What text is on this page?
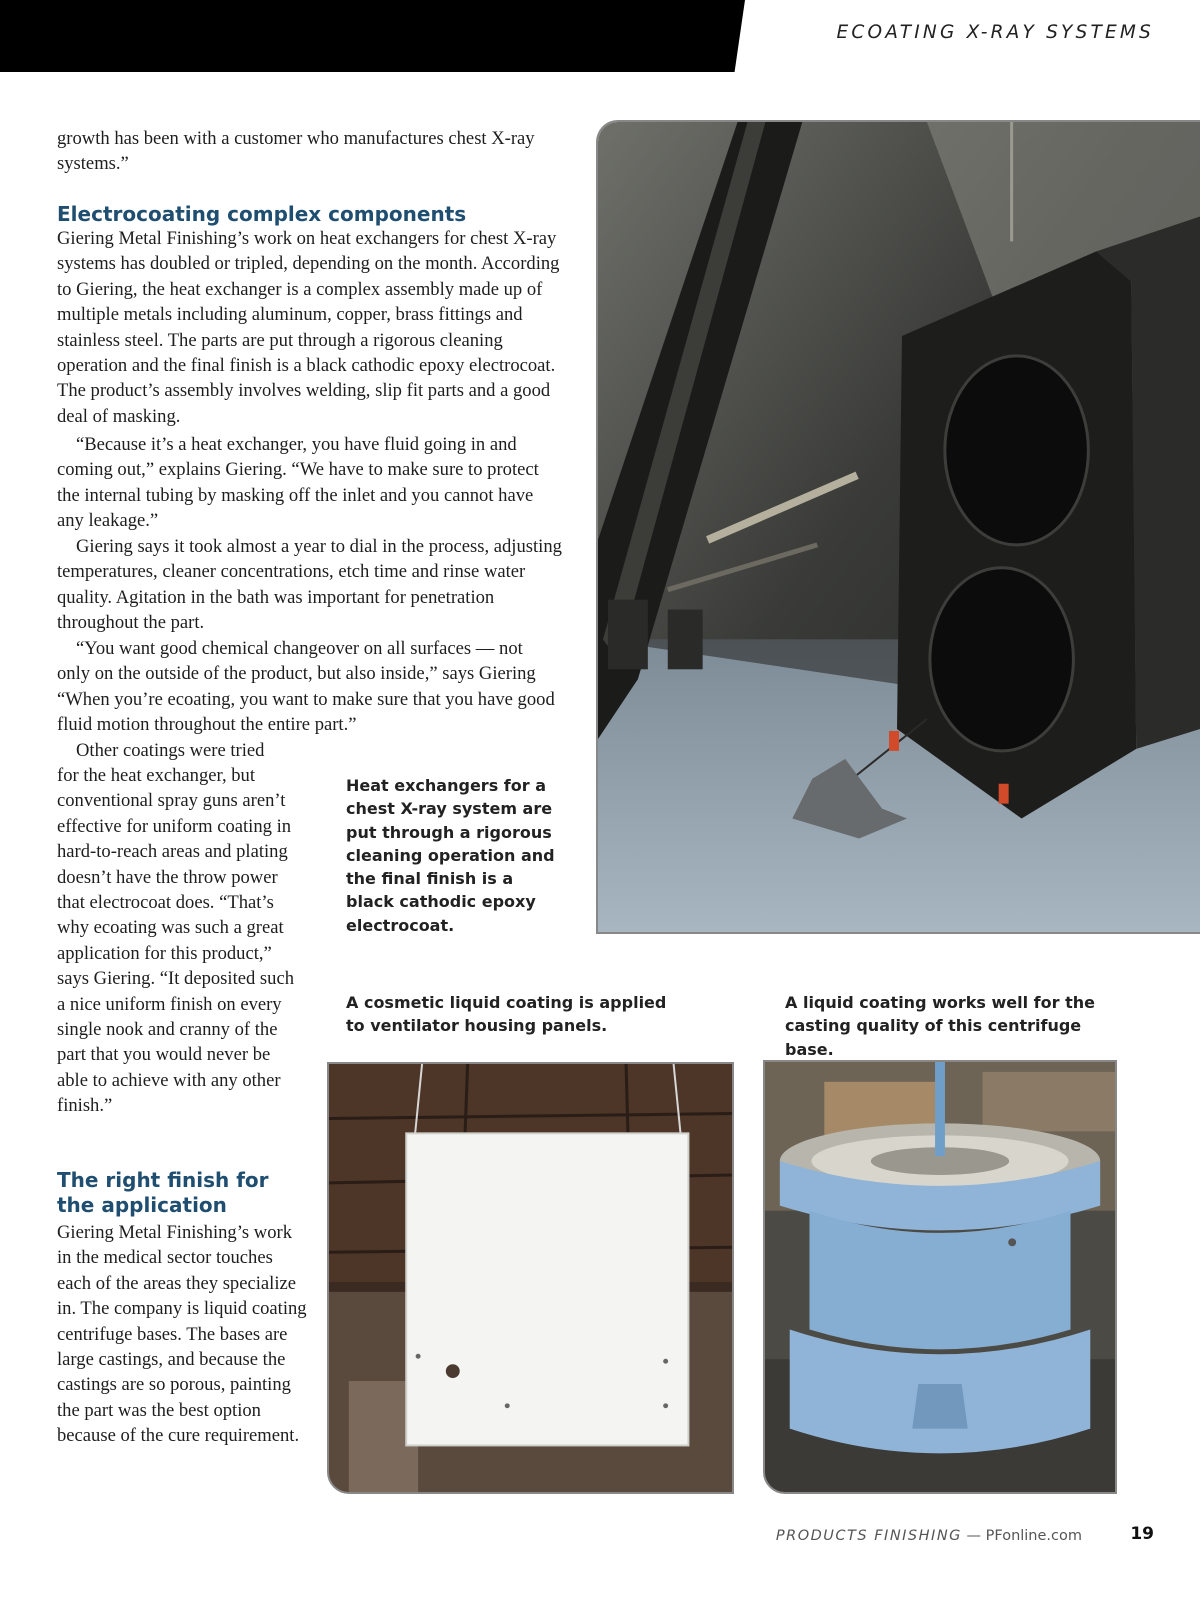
ECOATING X-RAY SYSTEMS

growth has been with a customer who manufactures chest X-ray systems.”

Electrocoating complex components

Giering Metal Finishing’s work on heat exchangers for chest X-ray systems has doubled or tripled, depending on the month. According to Giering, the heat exchanger is a complex assembly made up of multiple metals including aluminum, copper, brass fittings and stainless steel. The parts are put through a rigorous cleaning operation and the final finish is a black cathodic epoxy electrocoat. The product’s assembly involves welding, slip fit parts and a good deal of masking.

“Because it’s a heat exchanger, you have fluid going in and coming out,” explains Giering. “We have to make sure to protect the internal tubing by masking off the inlet and you cannot have any leakage.”

Giering says it took almost a year to dial in the process, adjusting temperatures, cleaner concentrations, etch time and rinse water quality. Agitation in the bath was important for penetration throughout the part.

“You want good chemical changeover on all surfaces — not only on the outside of the product, but also inside,” says Giering “When you’re ecoating, you want to make sure that you have good fluid motion throughout the entire part.”

Other coatings were tried

for the heat exchanger, but conventional spray guns aren’t effective for uniform coating in hard-to-reach areas and plating doesn’t have the throw power that electrocoat does. “That’s why ecoating was such a great application for this product,” says Giering. “It deposited such a nice uniform finish on every single nook and cranny of the part that you would never be able to achieve with any other finish.”

The right finish for the application

Giering Metal Finishing’s work in the medical sector touches each of the areas they specialize in. The company is liquid coating centrifuge bases. The bases are large castings, and because the castings are so porous, painting the part was the best option because of the cure requirement.

Heat exchangers for a chest X-ray system are put through a rigorous cleaning operation and the final finish is a black cathodic epoxy electrocoat.

A cosmetic liquid coating is applied to ventilator housing panels.

A liquid coating works well for the casting quality of this centrifuge base.

PRODUCTS FINISHING — PFonline.com	19
